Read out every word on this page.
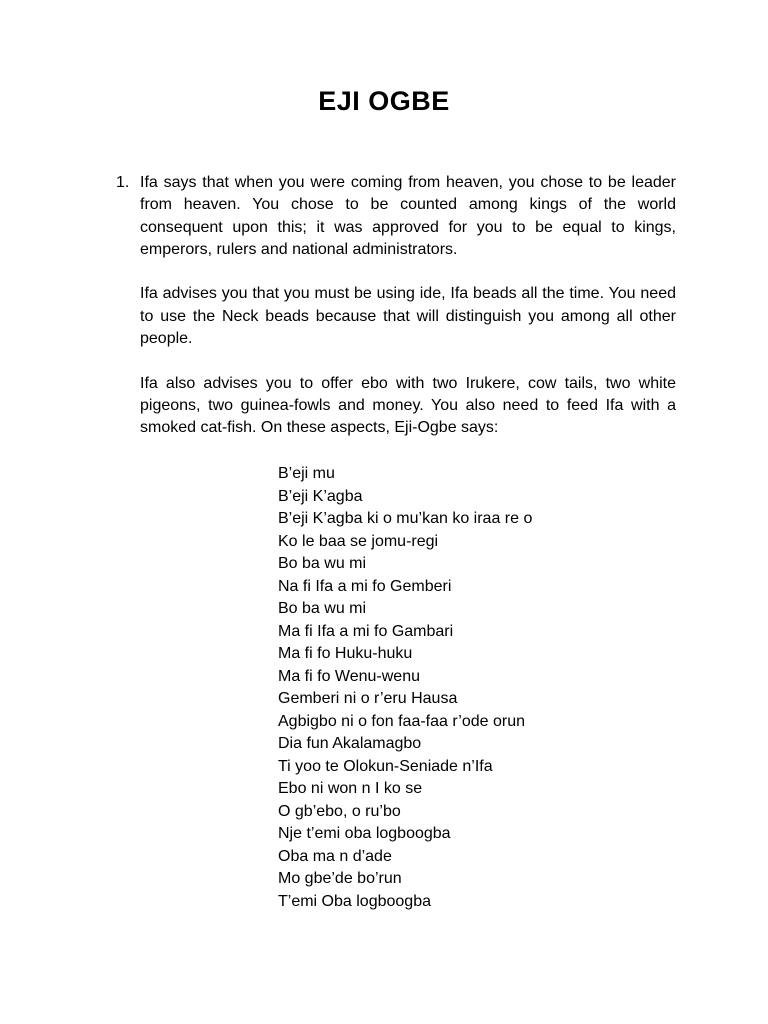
EJI OGBE
1. Ifa says that when you were coming from heaven, you chose to be leader from heaven. You chose to be counted among kings of the world consequent upon this; it was approved for you to be equal to kings, emperors, rulers and national administrators.

Ifa advises you that you must be using ide, Ifa beads all the time. You need to use the Neck beads because that will distinguish you among all other people.

Ifa also advises you to offer ebo with two Irukere, cow tails, two white pigeons, two guinea-fowls and money. You also need to feed Ifa with a smoked cat-fish. On these aspects, Eji-Ogbe says:

B’eji mu
B’eji K’agba
B’eji K’agba ki o mu’kan ko iraa re o
Ko le baa se jomu-regi
Bo ba wu mi
Na fi Ifa a mi fo Gemberi
Bo ba wu mi
Ma fi Ifa a mi fo Gambari
Ma fi fo Huku-huku
Ma fi fo Wenu-wenu
Gemberi ni o r’eru Hausa
Agbigbo ni o fon faa-faa r’ode orun
Dia fun Akalamagbo
Ti yoo te Olokun-Seniade n’Ifa
Ebo ni won n I ko se
O gb’ebo, o ru’bo
Nje t’emi oba logboogba
Oba ma n d’ade
Mo gbe’de bo’run
T’emi Oba logboogba
